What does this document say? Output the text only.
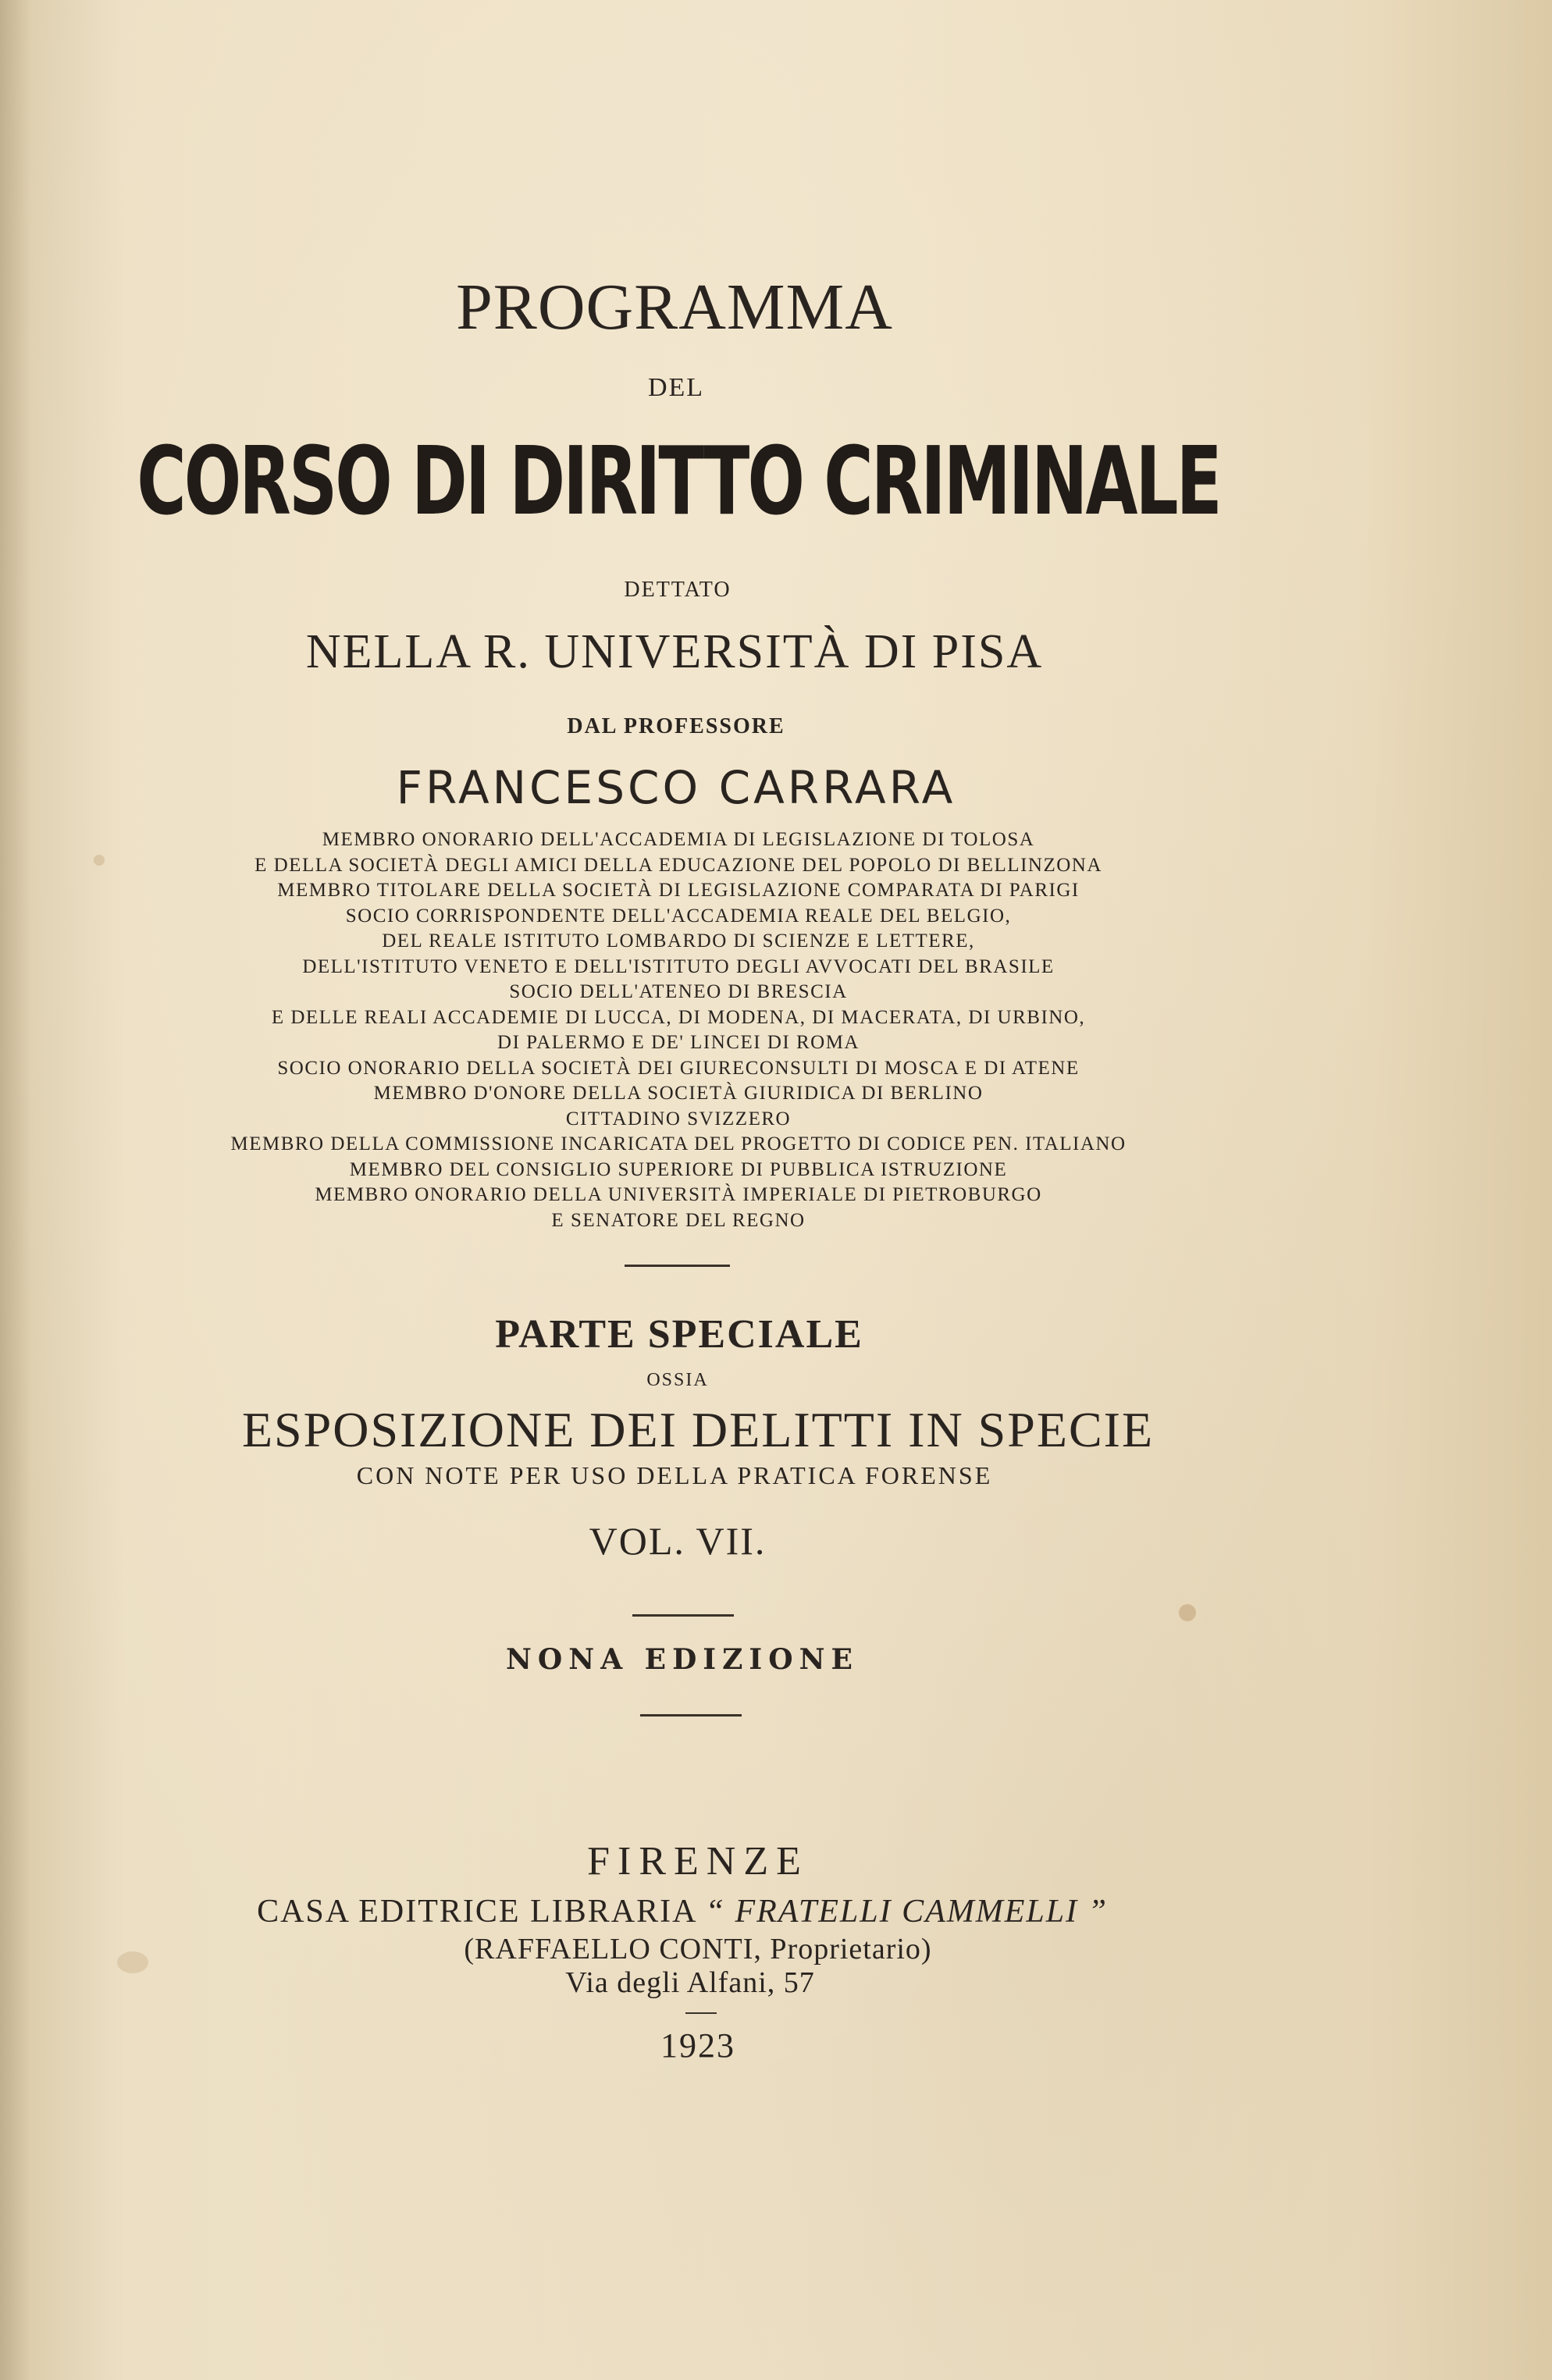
PROGRAMMA
DEL
CORSO DI DIRITTO CRIMINALE
DETTATO
NELLA R. UNIVERSITÀ DI PISA
DAL PROFESSORE
FRANCESCO CARRARA
MEMBRO ONORARIO DELL'ACCADEMIA DI LEGISLAZIONE DI TOLOSA
E DELLA SOCIETÀ DEGLI AMICI DELLA EDUCAZIONE DEL POPOLO DI BELLINZONA
MEMBRO TITOLARE DELLA SOCIETÀ DI LEGISLAZIONE COMPARATA DI PARIGI
SOCIO CORRISPONDENTE DELL'ACCADEMIA REALE DEL BELGIO,
DEL REALE ISTITUTO LOMBARDO DI SCIENZE E LETTERE,
DELL'ISTITUTO VENETO E DELL'ISTITUTO DEGLI AVVOCATI DEL BRASILE
SOCIO DELL'ATENEO DI BRESCIA
E DELLE REALI ACCADEMIE DI LUCCA, DI MODENA, DI MACERATA, DI URBINO,
DI PALERMO E DE' LINCEI DI ROMA
SOCIO ONORARIO DELLA SOCIETÀ DEI GIURECONSULTI DI MOSCA E DI ATENE
MEMBRO D'ONORE DELLA SOCIETÀ GIURIDICA DI BERLINO
CITTADINO SVIZZERO
MEMBRO DELLA COMMISSIONE INCARICATA DEL PROGETTO DI CODICE PEN. ITALIANO
MEMBRO DEL CONSIGLIO SUPERIORE DI PUBBLICA ISTRUZIONE
MEMBRO ONORARIO DELLA UNIVERSITÀ IMPERIALE DI PIETROBURGO
E SENATORE DEL REGNO
PARTE SPECIALE
OSSIA
ESPOSIZIONE DEI DELITTI IN SPECIE
CON NOTE PER USO DELLA PRATICA FORENSE
VOL. VII.
NONA EDIZIONE
FIRENZE
CASA EDITRICE LIBRARIA “ FRATELLI CAMMELLI ”
(RAFFAELLO CONTI, Proprietario)
Via degli Alfani, 57
1923
